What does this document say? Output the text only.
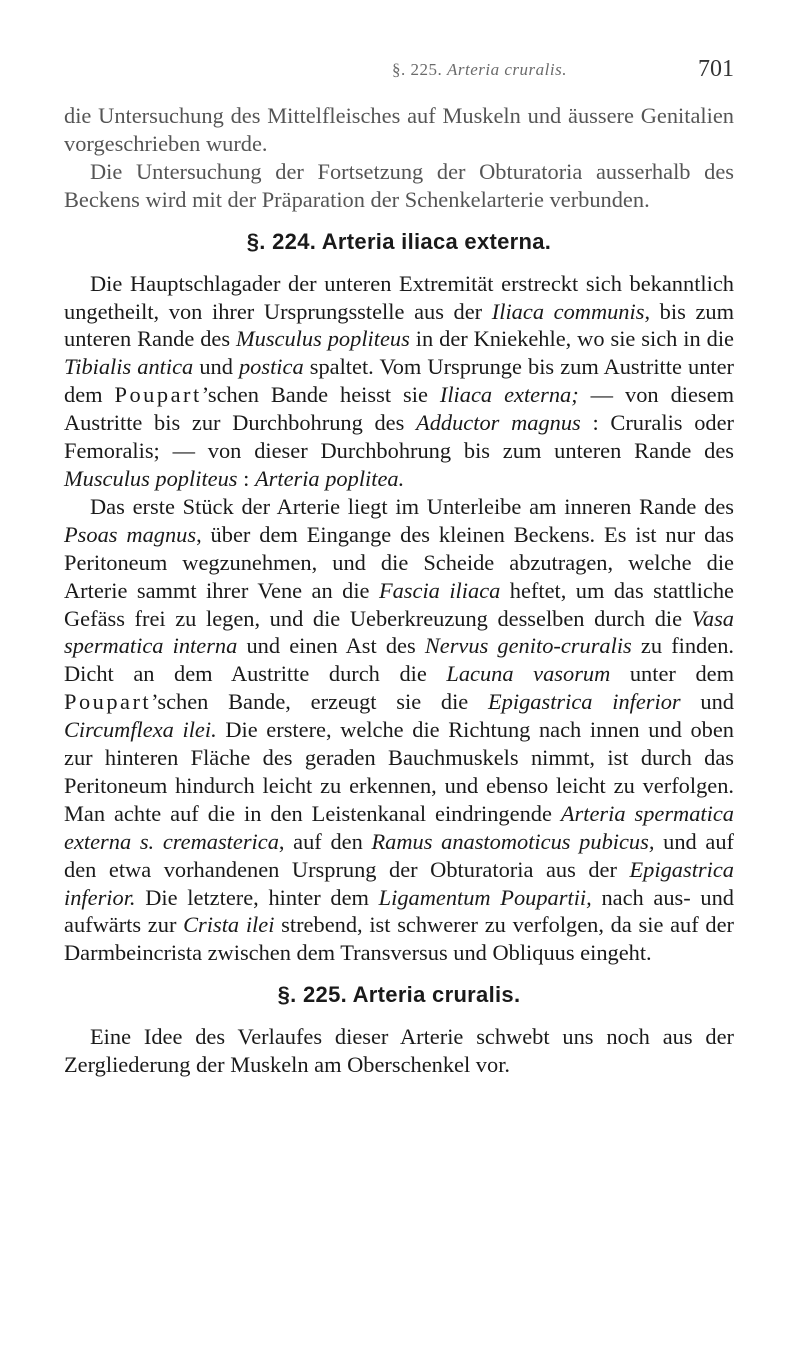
§. 225. Arteria cruralis.	701

die Untersuchung des Mittelfleisches auf Muskeln und äussere Genitalien vorgeschrieben wurde.

Die Untersuchung der Fortsetzung der Obturatoria ausserhalb des Beckens wird mit der Präparation der Schenkelarterie verbunden.

§. 224. Arteria iliaca externa.

Die Hauptschlagader der unteren Extremität erstreckt sich bekanntlich ungetheilt, von ihrer Ursprungsstelle aus der Iliaca communis, bis zum unteren Rande des Musculus popliteus in der Kniekehle, wo sie sich in die Tibialis antica und postica spaltet. Vom Ursprunge bis zum Austritte unter dem Poupart’schen Bande heisst sie Iliaca externa; — von diesem Austritte bis zur Durchbohrung des Adductor magnus : Cruralis oder Femoralis; — von dieser Durchbohrung bis zum unteren Rande des Musculus popliteus : Arteria poplitea.

Das erste Stück der Arterie liegt im Unterleibe am inneren Rande des Psoas magnus, über dem Eingange des kleinen Beckens. Es ist nur das Peritoneum wegzunehmen, und die Scheide abzutragen, welche die Arterie sammt ihrer Vene an die Fascia iliaca heftet, um das stattliche Gefäss frei zu legen, und die Ueberkreuzung desselben durch die Vasa spermatica interna und einen Ast des Nervus genito-cruralis zu finden. Dicht an dem Austritte durch die Lacuna vasorum unter dem Poupart’schen Bande, erzeugt sie die Epigastrica inferior und Circumflexa ilei. Die erstere, welche die Richtung nach innen und oben zur hinteren Fläche des geraden Bauchmuskels nimmt, ist durch das Peritoneum hindurch leicht zu erkennen, und ebenso leicht zu verfolgen. Man achte auf die in den Leistenkanal eindringende Arteria spermatica externa s. cremasterica, auf den Ramus anastomoticus pubicus, und auf den etwa vorhandenen Ursprung der Obturatoria aus der Epigastrica inferior. Die letztere, hinter dem Ligamentum Poupartii, nach aus- und aufwärts zur Crista ilei strebend, ist schwerer zu verfolgen, da sie auf der Darmbeincrista zwischen dem Transversus und Obliquus eingeht.

§. 225. Arteria cruralis.

Eine Idee des Verlaufes dieser Arterie schwebt uns noch aus der Zergliederung der Muskeln am Oberschenkel vor.
